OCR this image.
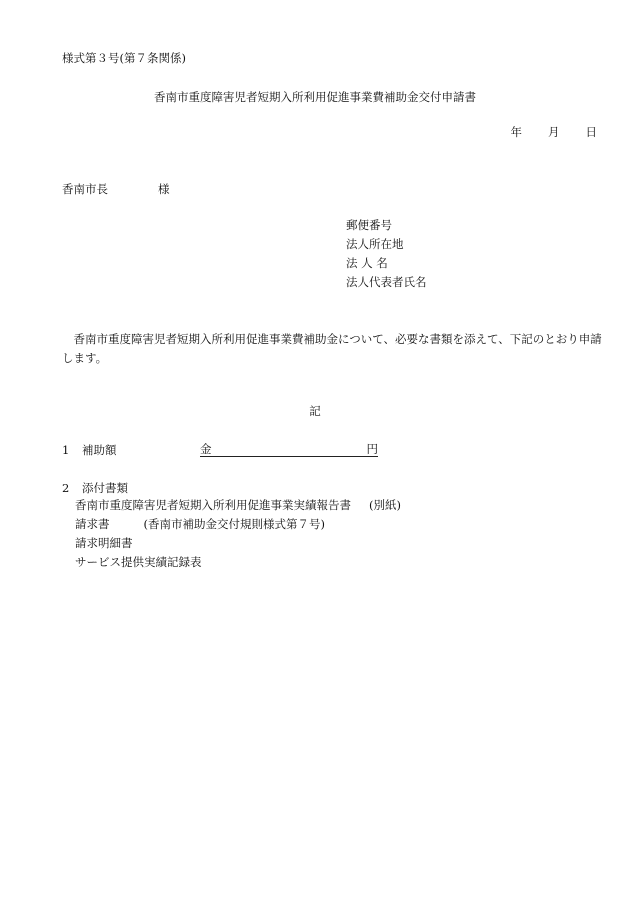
様式第３号(第７条関係)
香南市重度障害児者短期入所利用促進事業費補助金交付申請書
年 月 日
香南市長	様
郵便番号
法人所在地
法 人 名
法人代表者氏名
香南市重度障害児者短期入所利用促進事業費補助金について、必要な書類を添えて、下記のとおり申請します。
記
1 補助額	金	円
2 添付書類
香南市重度障害児者短期入所利用促進事業実績報告書 (別紙)
請求書	(香南市補助金交付規則様式第７号)
請求明細書
サービス提供実績記録表
